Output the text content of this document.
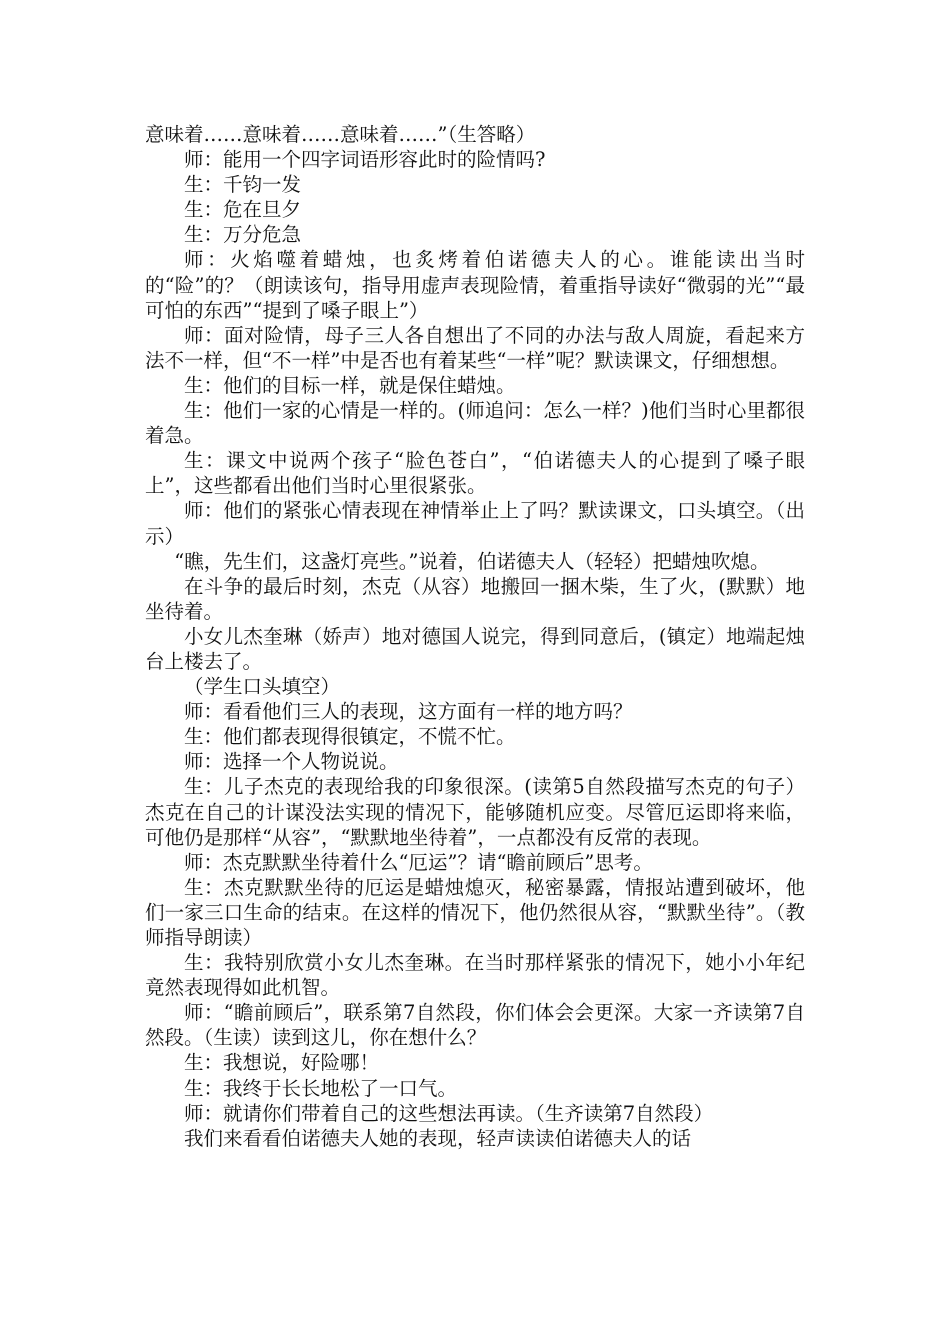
意味着……意味着……意味着……”（生答略）

师：能用一个四字词语形容此时的险情吗?

生：千钧一发

生：危在旦夕

生：万分危急

师：火焰噬着蜡烛，也炙烤着伯诺德夫人的心。谁能读出当时的“险”的？（朗读该句，指导用虚声表现险情，着重指导读好“微弱的光”“最可怕的东西”“提到了嗓子眼上”）

师：面对险情，母子三人各自想出了不同的办法与敌人周旋，看起来方法不一样，但“不一样”中是否也有着某些“一样”呢？默读课文，仔细想想。

生：他们的目标一样，就是保住蜡烛。

生：他们一家的心情是一样的。(师追问：怎么一样？)他们当时心里都很着急。

生：课文中说两个孩子“脸色苍白”，“伯诺德夫人的心提到了嗓子眼上”，这些都看出他们当时心里很紧张。

师：他们的紧张心情表现在神情举止上了吗？默读课文，口头填空。（出示）

“瞧，先生们，这盏灯亮些。”说着，伯诺德夫人（轻轻）把蜡烛吹熄。

在斗争的最后时刻，杰克（从容）地搬回一捆木柴，生了火，(默默）地坐待着。

小女儿杰奎琳（娇声）地对德国人说完，得到同意后，(镇定）地端起烛台上楼去了。

（学生口头填空）

师：看看他们三人的表现，这方面有一样的地方吗？

生：他们都表现得很镇定，不慌不忙。

师：选择一个人物说说。

生：儿子杰克的表现给我的印象很深。(读第5自然段描写杰克的句子）杰克在自己的计谋没法实现的情况下，能够随机应变。尽管厄运即将来临，可他仍是那样“从容”，“默默地坐待着”，一点都没有反常的表现。

师：杰克默默坐待着什么“厄运”？请“瞻前顾后”思考。

生：杰克默默坐待的厄运是蜡烛熄灭，秘密暴露，情报站遭到破坏，他们一家三口生命的结束。在这样的情况下，他仍然很从容，“默默坐待”。（教师指导朗读）

生：我特别欣赏小女儿杰奎琳。在当时那样紧张的情况下，她小小年纪竟然表现得如此机智。

师：“瞻前顾后”，联系第7自然段，你们体会会更深。大家一齐读第7自然段。（生读）读到这儿，你在想什么？

生：我想说，好险哪！

生：我终于长长地松了一口气。

师：就请你们带着自己的这些想法再读。（生齐读第7自然段）

我们来看看伯诺德夫人她的表现，轻声读读伯诺德夫人的话
